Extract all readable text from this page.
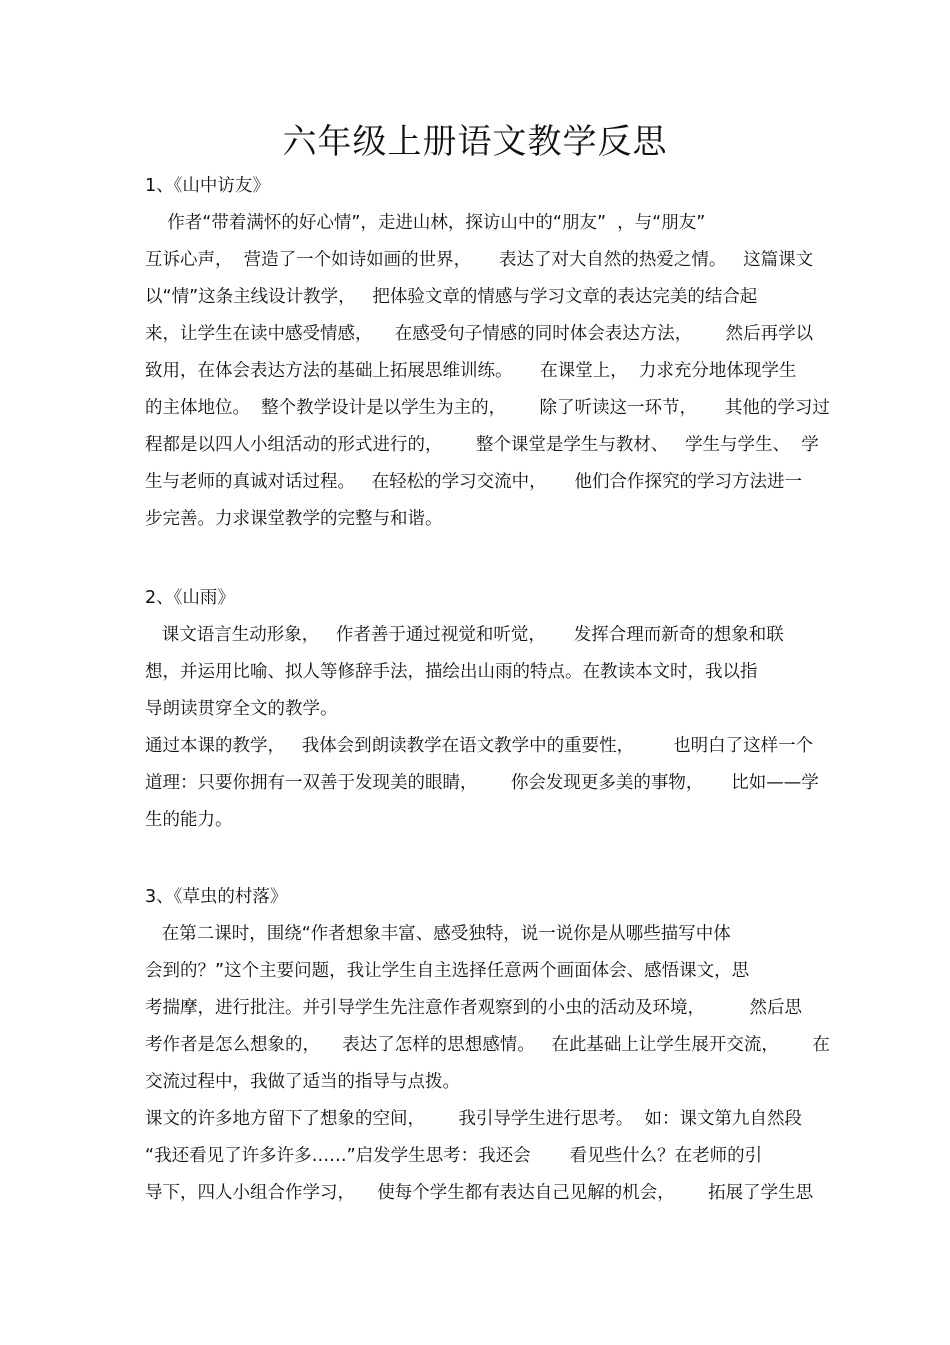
六年级上册语文教学反思
1、《山中访友》
作者“带着满怀的好心情”，走进山林，探访山中的“朋友”  ，与“朋友”
互诉心声，  营造了一个如诗如画的世界，     表达了对大自然的热爱之情。   这篇课文
以“情”这条主线设计教学，   把体验文章的情感与学习文章的表达完美的结合起
来，让学生在读中感受情感，    在感受句子情感的同时体会表达方法，      然后再学以
致用，在体会表达方法的基础上拓展思维训练。     在课堂上，  力求充分地体现学生
的主体地位。  整个教学设计是以学生为主的，      除了听读这一环节，     其他的学习过
程都是以四人小组活动的形式进行的，      整个课堂是学生与教材、   学生与学生、  学
生与老师的真诚对话过程。   在轻松的学习交流中，     他们合作探究的学习方法进一
步完善。力求课堂教学的完整与和谐。
2、《山雨》
课文语言生动形象，   作者善于通过视觉和听觉，     发挥合理而新奇的想象和联
想，并运用比喻、拟人等修辞手法，描绘出山雨的特点。在教读本文时，我以指
导朗读贯穿全文的教学。
通过本课的教学，   我体会到朗读教学在语文教学中的重要性，       也明白了这样一个
道理：只要你拥有一双善于发现美的眼睛，      你会发现更多美的事物，     比如——学
生的能力。
3、《草虫的村落》
在第二课时，围绕“作者想象丰富、感受独特，说一说你是从哪些描写中体
会到的？”这个主要问题，我让学生自主选择任意两个画面体会、感悟课文，思
考揣摩，进行批注。并引导学生先注意作者观察到的小虫的活动及环境，        然后思
考作者是怎么想象的，    表达了怎样的思想感情。   在此基础上让学生展开交流，      在
交流过程中，我做了适当的指导与点拨。
课文的许多地方留下了想象的空间，      我引导学生进行思考。  如：课文第九自然段
“我还看见了许多许多……”启发学生思考：我还会       看见些什么？在老师的引
导下，四人小组合作学习，    使每个学生都有表达自己见解的机会，      拓展了学生思
